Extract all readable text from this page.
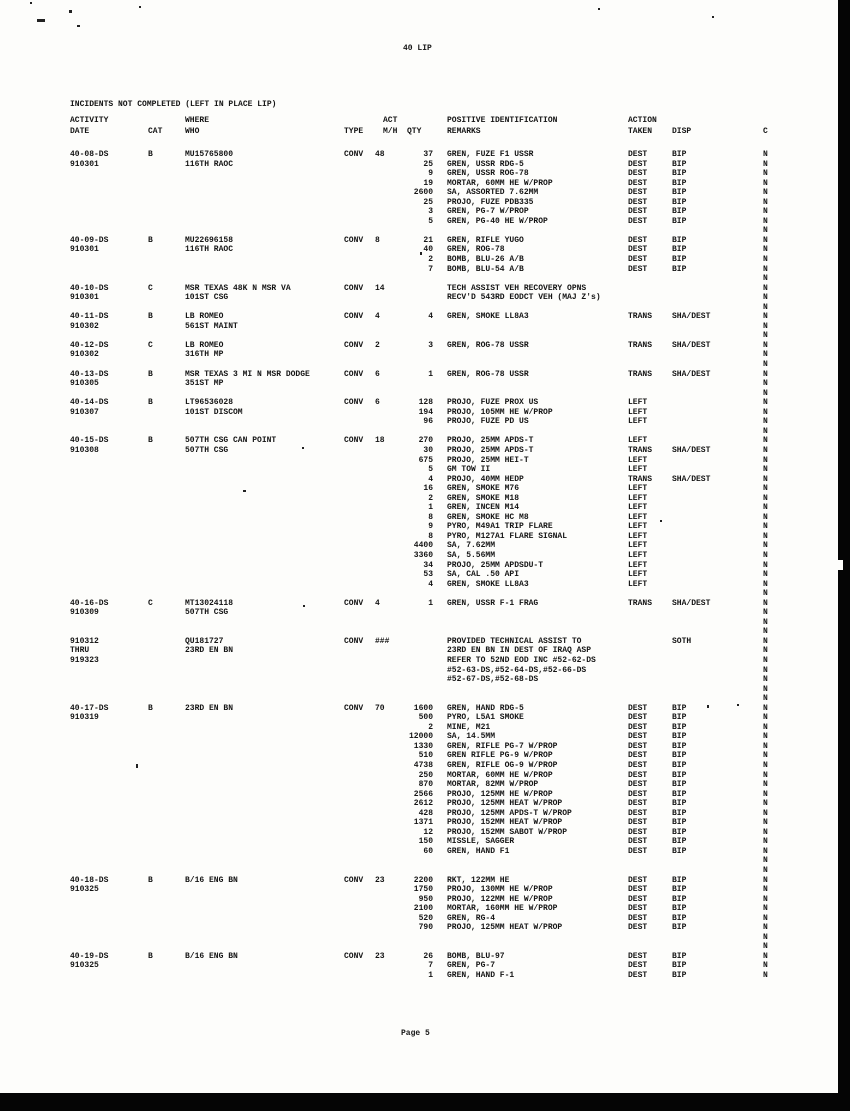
40 LIP
INCIDENTS NOT COMPLETED (LEFT IN PLACE LIP)
ACTIVITY	WHERE	ACT	POSITIVE IDENTIFICATION	ACTION
DATE	CAT	WHO	TYPE M/H QTY	REMARKS	TAKEN DISP	C
40-08-DS	B	MU15765800	CONV 48	37 GREN, FUZE F1 USSR	DEST	BIP	N
910301	116TH RAOC	25 GREN, USSR RDG-5	DEST	BIP	N
9 GREN, USSR ROG-78	DEST	BIP	N
19 MORTAR, 60MM HE W/PROP	DEST	BIP	N
2600 SA, ASSORTED 7.62MM	DEST	BIP	N
25 PROJO, FUZE PDB335	DEST	BIP	N
3 GREN, PG-7 W/PROP	DEST	BIP	N
5 GREN, PG-40 HE W/PROP	DEST	BIP	N
N
40-09-DS	B	MU22696158	CONV 8	21 GREN, RIFLE YUGO	DEST	BIP	N
910301	116TH RAOC	40 GREN, ROG-78	DEST	BIP	N
2 BOMB, BLU-26 A/B	DEST	BIP	N
7 BOMB, BLU-54 A/B	DEST	BIP	N
N
40-10-DS	C	MSR TEXAS 48K N MSR VA	CONV 14	TECH ASSIST VEH RECOVERY OPNS	N
910301	101ST CSG	RECV'D 543RD EODCT VEH (MAJ Z's)	N
N
40-11-DS	B	LB ROMEO	CONV 4	4 GREN, SMOKE LL8A3	TRANS SHA/DEST	N
910302	561ST MAINT	N
N
40-12-DS	C	LB ROMEO	CONV 2	3 GREN, ROG-78 USSR	TRANS SHA/DEST	N
910302	316TH MP	N
N
40-13-DS	B	MSR TEXAS 3 MI N MSR DODGE	CONV 6	1 GREN, ROG-78 USSR	TRANS SHA/DEST	N
910305	351ST MP	N
N
40-14-DS	B	LT96536028	CONV 6	128 PROJO, FUZE PROX US	LEFT	N
910307	101ST DISCOM	194 PROJO, 105MM HE W/PROP	LEFT	N
96 PROJO, FUZE PD US	LEFT	N
N
40-15-DS	B	507TH CSG CAN POINT	CONV 18	270 PROJO, 25MM APDS-T	LEFT	N
910308	507TH CSG	30 PROJO, 25MM APDS-T	TRANS SHA/DEST	N
675 PROJO, 25MM HEI-T	LEFT	N
5 GM TOW II	LEFT	N
4 PROJO, 40MM HEDP	TRANS SHA/DEST	N
16 GREN, SMOKE M76	LEFT	N
2 GREN, SMOKE M18	LEFT	N
1 GREN, INCEN M14	LEFT	N
8 GREN, SMOKE HC M8	LEFT	N
9 PYRO, M49A1 TRIP FLARE	LEFT	N
8 PYRO, M127A1 FLARE SIGNAL	LEFT	N
4400 SA, 7.62MM	LEFT	N
3360 SA, 5.56MM	LEFT	N
34 PROJO, 25MM APDSDU-T	LEFT	N
53 SA, CAL .50 API	LEFT	N
4 GREN, SMOKE LL8A3	LEFT	N
N
40-16-DS	C	MT13024118	CONV 4	1 GREN, USSR F-1 FRAG	TRANS SHA/DEST	N
910309	507TH CSG	N
N
N
910312	QU181727	CONV ###	PROVIDED TECHNICAL ASSIST TO	SOTH	N
THRU	23RD EN BN	23RD EN BN IN DEST OF IRAQ ASP	N
919323	REFER TO 52ND EOD INC #52-62-DS	N
#52-63-DS,#52-64-DS,#52-66-DS	N
#52-67-DS,#52-68-DS	N
N
N
40-17-DS	B	23RD EN BN	CONV 70	1600 GREN, HAND RDG-5	DEST	BIP	N
910319	500 PYRO, L5A1 SMOKE	DEST	BIP	N
2 MINE, M21	DEST	BIP	N
12000 SA, 14.5MM	DEST	BIP	N
1330 GREN, RIFLE PG-7 W/PROP	DEST	BIP	N
510 GREN RIFLE PG-9 W/PROP	DEST	BIP	N
4738 GREN, RIFLE OG-9 W/PROP	DEST	BIP	N
250 MORTAR, 60MM HE W/PROP	DEST	BIP	N
870 MORTAR, 82MM W/PROP	DEST	BIP	N
2566 PROJO, 125MM HE W/PROP	DEST	BIP	N
2612 PROJO, 125MM HEAT W/PROP	DEST	BIP	N
428 PROJO, 125MM APDS-T W/PROP	DEST	BIP	N
1371 PROJO, 152MM HEAT W/PROP	DEST	BIP	N
12 PROJO, 152MM SABOT W/PROP	DEST	BIP	N
150 MISSLE, SAGGER	DEST	BIP	N
60 GREN, HAND F1	DEST	BIP	N
N
N
40-18-DS	B	B/16 ENG BN	CONV 23	2200 RKT, 122MM HE	DEST	BIP	N
910325	1750 PROJO, 130MM HE W/PROP	DEST	BIP	N
950 PROJO, 122MM HE W/PROP	DEST	BIP	N
2100 MORTAR, 160MM HE W/PROP	DEST	BIP	N
520 GREN, RG-4	DEST	BIP	N
790 PROJO, 125MM HEAT W/PROP	DEST	BIP	N
N
N
40-19-DS	B	B/16 ENG BN	CONV 23	26 BOMB, BLU-97	DEST	BIP	N
910325	7 GREN, PG-7	DEST	BIP	N
1 GREN, HAND F-1	DEST	BIP	N
Page 5
